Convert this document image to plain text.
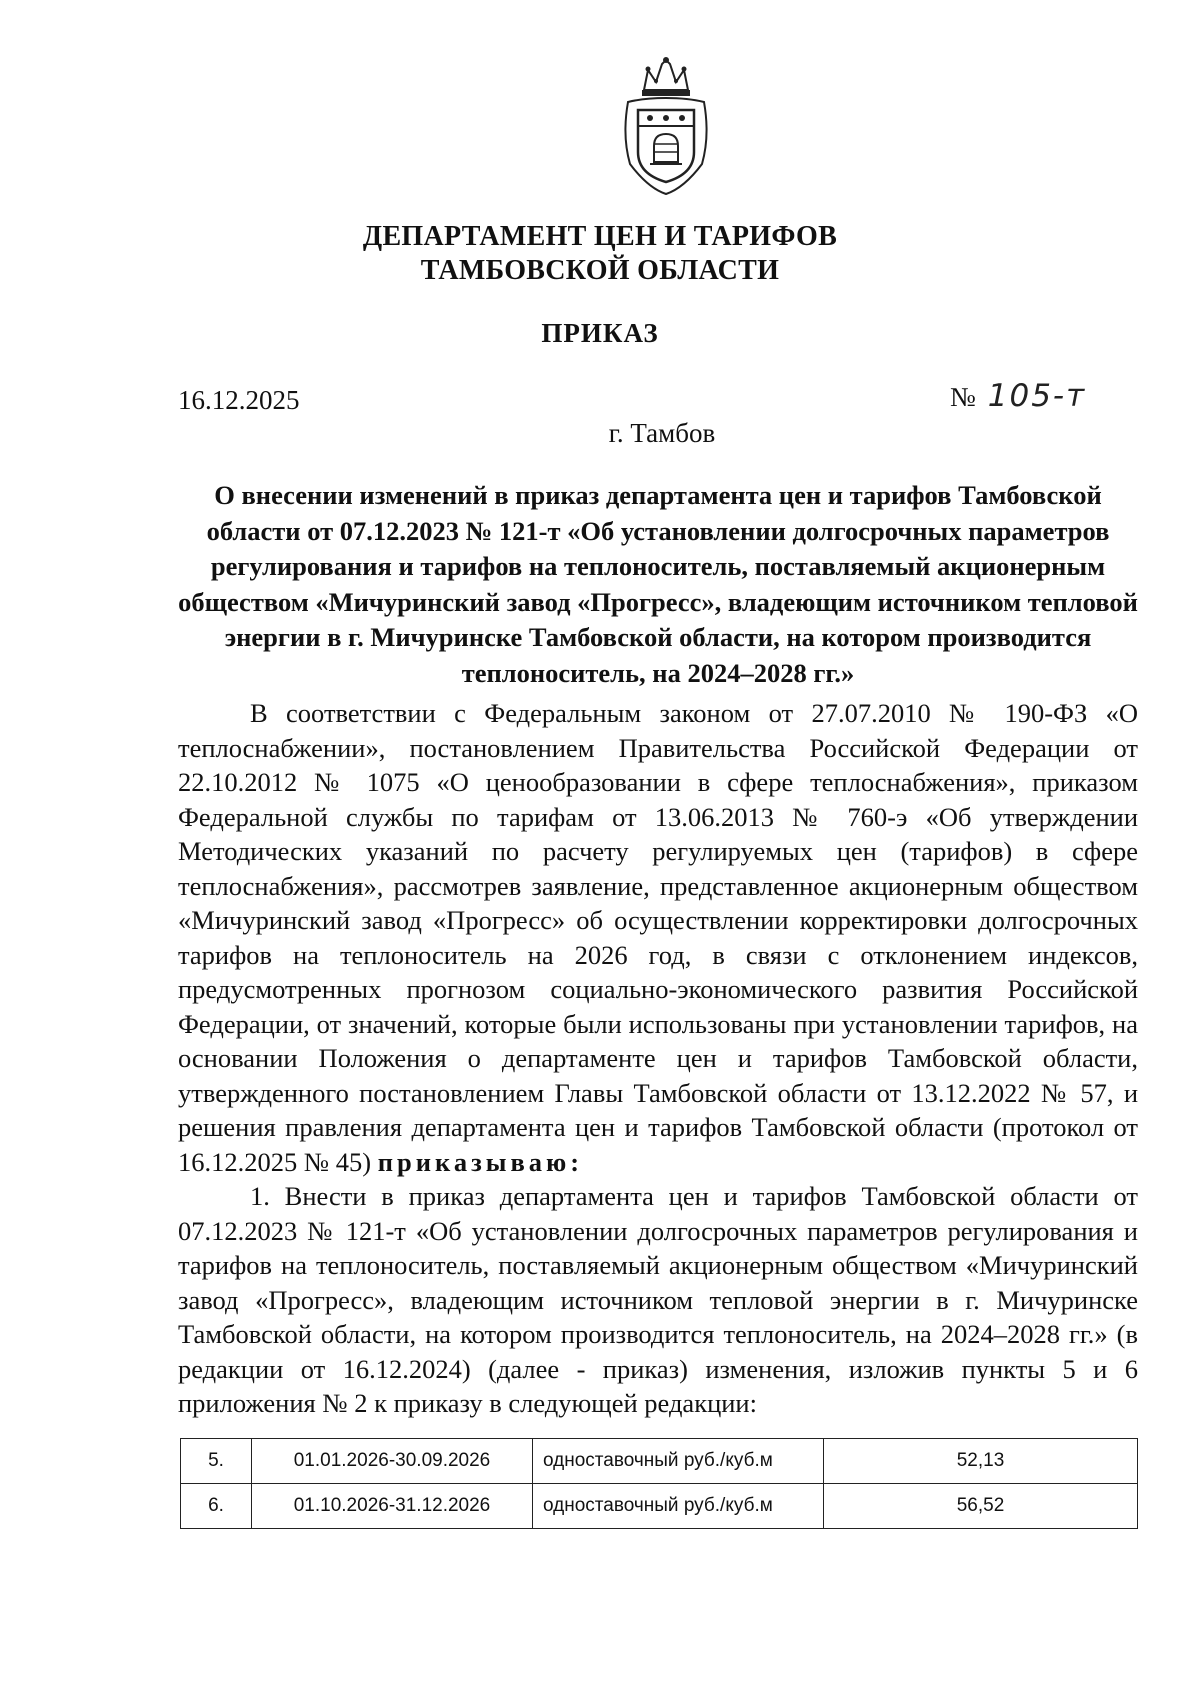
ДЕПАРТАМЕНТ ЦЕН И ТАРИФОВ
ТАМБОВСКОЙ ОБЛАСТИ
ПРИКАЗ
16.12.2025	№ 105-т
г. Тамбов
О внесении изменений в приказ департамента цен и тарифов Тамбовской области от 07.12.2023 № 121-т «Об установлении долгосрочных параметров регулирования и тарифов на теплоноситель, поставляемый акционерным обществом «Мичуринский завод «Прогресс», владеющим источником тепловой энергии в г. Мичуринске Тамбовской области, на котором производится теплоноситель, на 2024–2028 гг.»

В соответствии с Федеральным законом от 27.07.2010 № 190-ФЗ «О теплоснабжении», постановлением Правительства Российской Федерации от 22.10.2012 № 1075 «О ценообразовании в сфере теплоснабжения», приказом Федеральной службы по тарифам от 13.06.2013 № 760-э «Об утверждении Методических указаний по расчету регулируемых цен (тарифов) в сфере теплоснабжения», рассмотрев заявление, представленное акционерным обществом «Мичуринский завод «Прогресс» об осуществлении корректировки долгосрочных тарифов на теплоноситель на 2026 год, в связи с отклонением индексов, предусмотренных прогнозом социально-экономического развития Российской Федерации, от значений, которые были использованы при установлении тарифов, на основании Положения о департаменте цен и тарифов Тамбовской области, утвержденного постановлением Главы Тамбовской области от 13.12.2022 № 57, и решения правления департамента цен и тарифов Тамбовской области (протокол от 16.12.2025 № 45) приказываю:

1. Внести в приказ департамента цен и тарифов Тамбовской области от 07.12.2023 № 121-т «Об установлении долгосрочных параметров регулирования и тарифов на теплоноситель, поставляемый акционерным обществом «Мичуринский завод «Прогресс», владеющим источником тепловой энергии в г. Мичуринске Тамбовской области, на котором производится теплоноситель, на 2024–2028 гг.» (в редакции от 16.12.2024) (далее - приказ) изменения, изложив пункты 5 и 6 приложения № 2 к приказу в следующей редакции:

5.	01.01.2026-30.09.2026	одноставочный руб./куб.м	52,13
6.	01.10.2026-31.12.2026	одноставочный руб./куб.м	56,52
